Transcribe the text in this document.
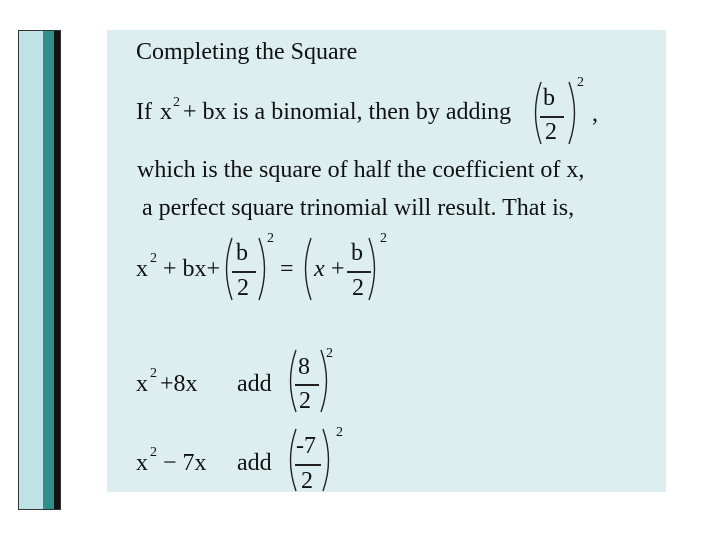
Completing the Square
If x 2 + bx is a binomial, then by adding
b
2
2
,
which is the square of half the coefficient of x,
a perfect square trinomial will result. That is,
x 2 + bx+
b
2
2
= x +
b
2
2
x 2 +8x add
8
2
2
x 2 − 7x add
-7
2
2
